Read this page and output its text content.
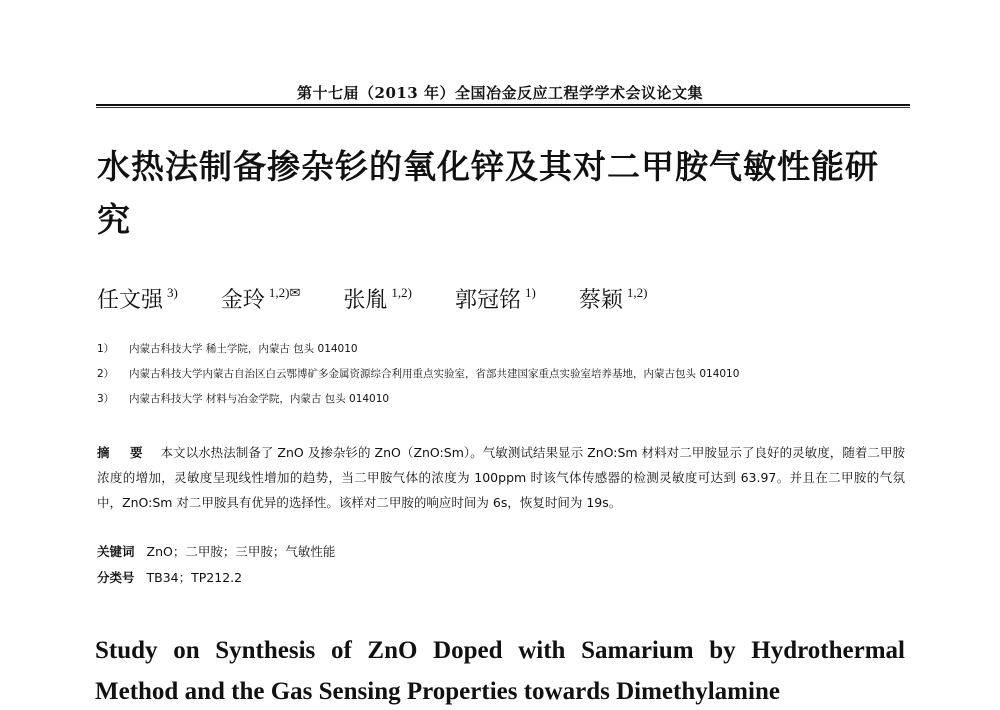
第十七届（2013 年）全国冶金反应工程学学术会议论文集
水热法制备掺杂钐的氧化锌及其对二甲胺气敏性能研究
任文强 $^{3)}$ 金玲 $^{1,2)✉}$ 张胤 $^{1,2)}$ 郭冠铭 $^{1)}$ 蔡颖 $^{1,2)}$
1） 内蒙古科技大学 稀土学院，内蒙古 包头 014010
2） 内蒙古科技大学内蒙古自治区白云鄂博矿多金属资源综合利用重点实验室，省部共建国家重点实验室培养基地，内蒙古包头 014010
3） 内蒙古科技大学 材料与冶金学院，内蒙古 包头 014010
摘 要 本文以水热法制备了 ZnO 及掺杂钐的 ZnO（ZnO:Sm）。气敏测试结果显示 ZnO:Sm 材料对二甲胺显示了良好的灵敏度，随着二甲胺浓度的增加，灵敏度呈现线性增加的趋势，当二甲胺气体的浓度为 100ppm 时该气体传感器的检测灵敏度可达到 63.97。并且在二甲胺的气氛中，ZnO:Sm 对二甲胺具有优异的选择性。该样对二甲胺的响应时间为 6s，恢复时间为 19s。
关键词 ZnO；二甲胺；三甲胺；气敏性能
分类号 TB34；TP212.2
Study on Synthesis of ZnO Doped with Samarium by Hydrothermal
Method and the Gas Sensing Properties towards Dimethylamine
